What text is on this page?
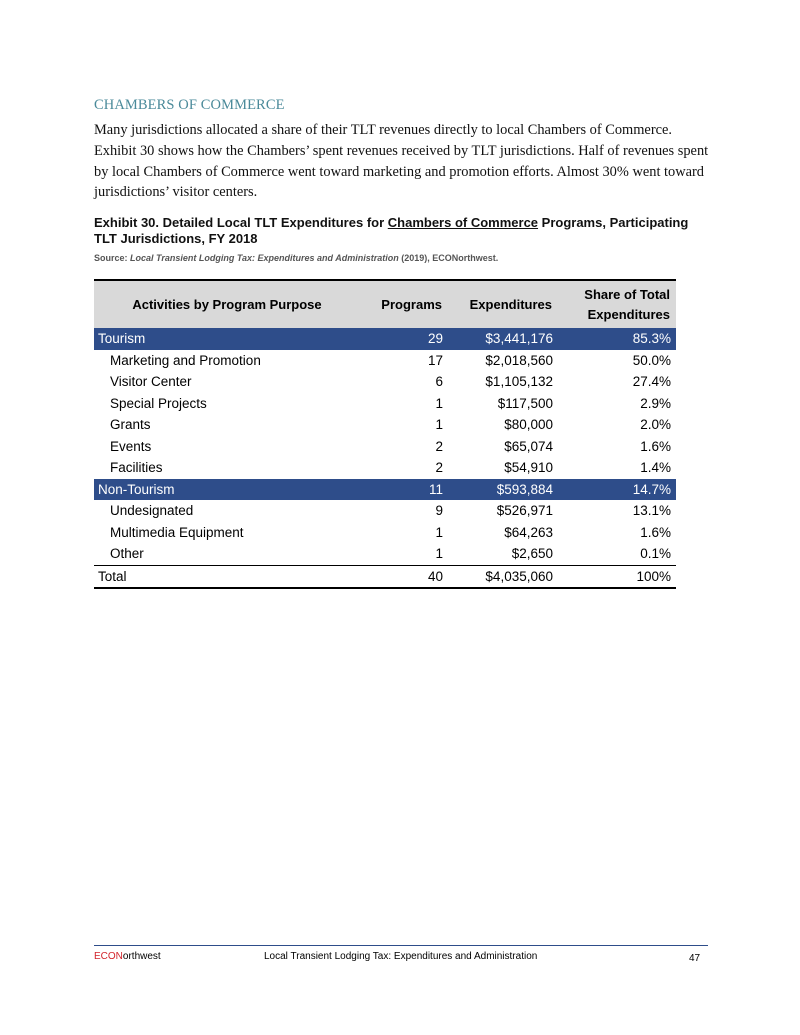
CHAMBERS OF COMMERCE

Many jurisdictions allocated a share of their TLT revenues directly to local Chambers of Commerce. Exhibit 30 shows how the Chambers’ spent revenues received by TLT jurisdictions. Half of revenues spent by local Chambers of Commerce went toward marketing and promotion efforts. Almost 30% went toward jurisdictions’ visitor centers.

Exhibit 30. Detailed Local TLT Expenditures for Chambers of Commerce Programs, Participating TLT Jurisdictions, FY 2018
Source: Local Transient Lodging Tax: Expenditures and Administration (2019), ECONorthwest.
Activities by Program Purpose	Programs	Expenditures	Share of Total Expenditures
Tourism	29	$3,441,176	85.3%
Marketing and Promotion	17	$2,018,560	50.0%
Visitor Center	6	$1,105,132	27.4%
Special Projects	1	$117,500	2.9%
Grants	1	$80,000	2.0%
Events	2	$65,074	1.6%
Facilities	2	$54,910	1.4%
Non-Tourism	11	$593,884	14.7%
Undesignated	9	$526,971	13.1%
Multimedia Equipment	1	$64,263	1.6%
Other	1	$2,650	0.1%
Total	40	$4,035,060	100%
ECONorthwest	Local Transient Lodging Tax: Expenditures and Administration	47
